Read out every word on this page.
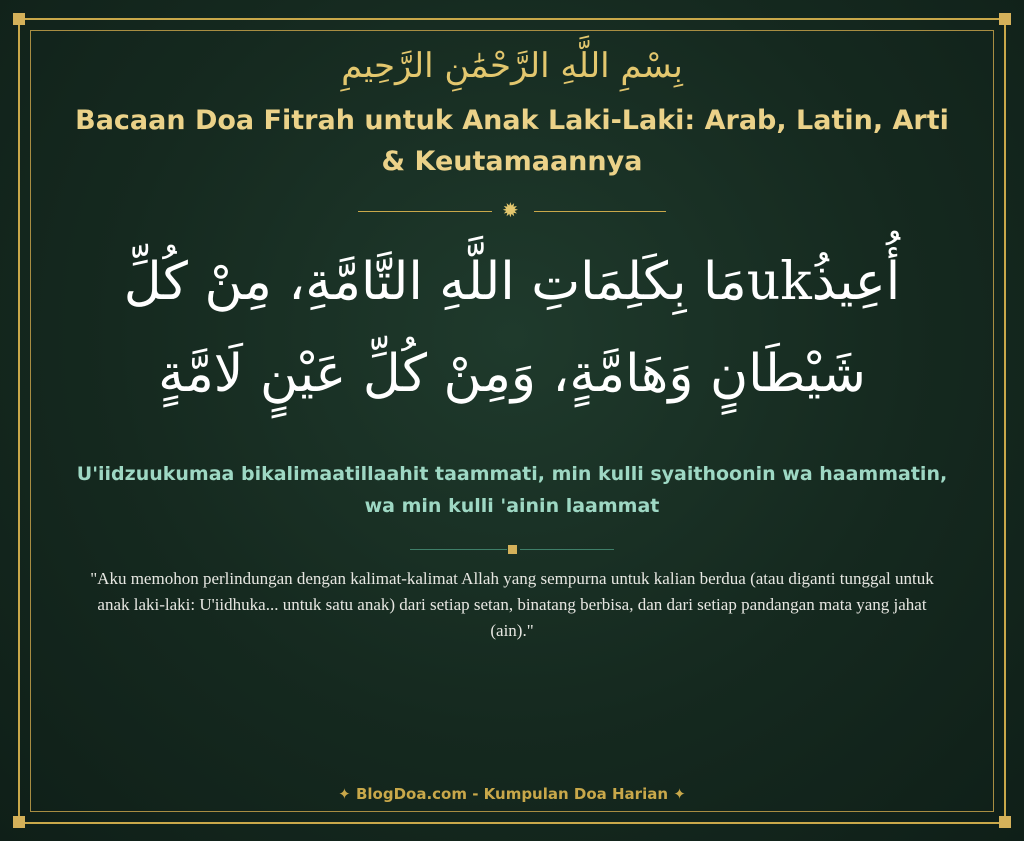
بِسْمِ اللَّهِ الرَّحْمَٰنِ الرَّحِيمِ
Bacaan Doa Fitrah untuk Anak Laki-Laki: Arab, Latin, Arti & Keutamaannya
✹
أُعِيذُukمَا بِكَلِمَاتِ اللَّهِ التَّامَّةِ، مِنْ كُلِّ شَيْطَانٍ وَهَامَّةٍ، وَمِنْ كُلِّ عَيْنٍ لَامَّةٍ
U'iidzuukumaa bikalimaatillaahit taammati, min kulli syaithoonin wa haammatin, wa min kulli 'ainin laammat
"Aku memohon perlindungan dengan kalimat-kalimat Allah yang sempurna untuk kalian berdua (atau diganti tunggal untuk anak laki-laki: U'iidhuka... untuk satu anak) dari setiap setan, binatang berbisa, dan dari setiap pandangan mata yang jahat (ain)."
✦ BlogDoa.com - Kumpulan Doa Harian ✦
